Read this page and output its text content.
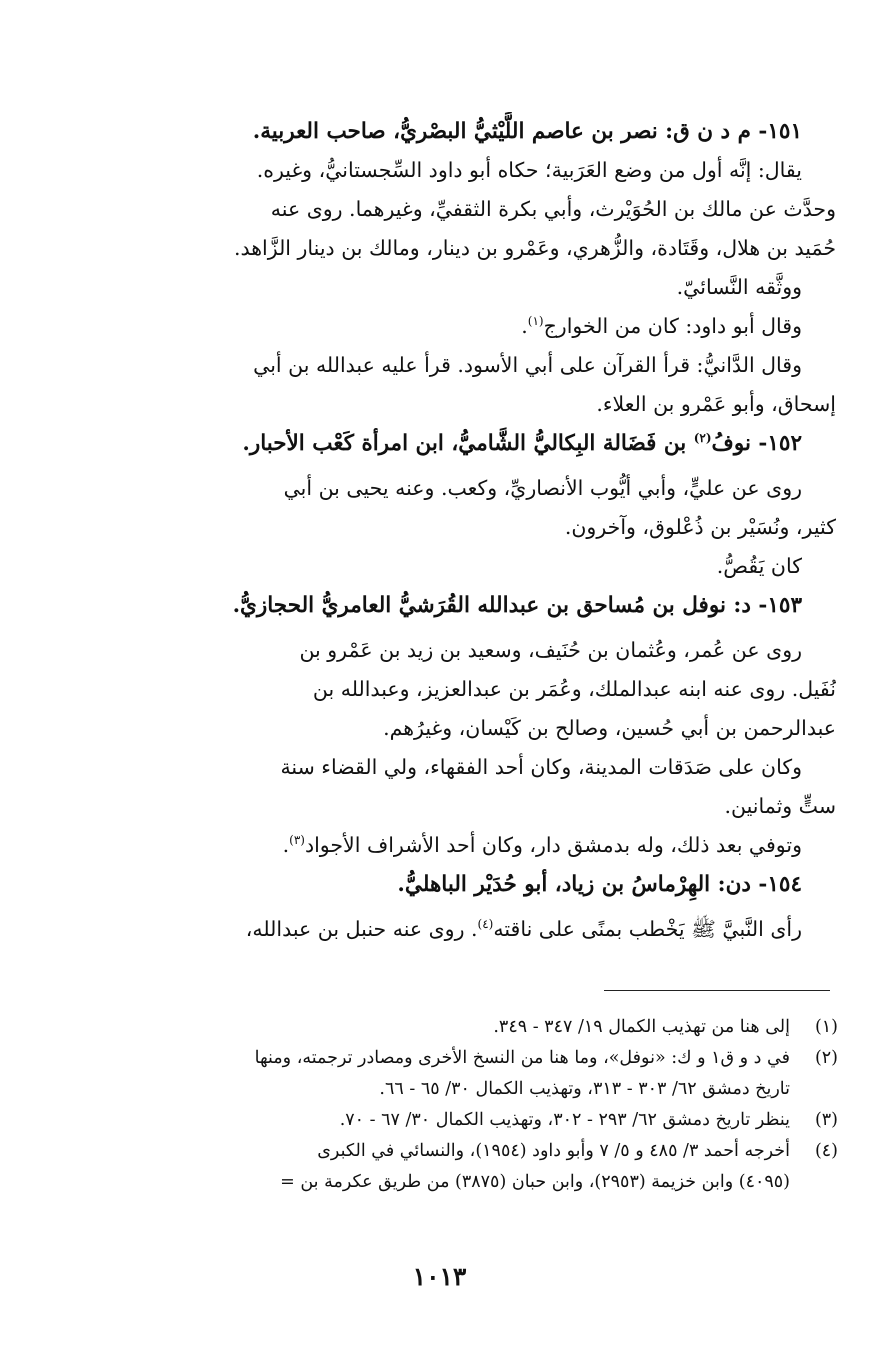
١٥١- م د ن ق: نصر بن عاصم اللَّيْثيُّ البصْريُّ، صاحب العربية.
يقال: إنَّه أول من وضع العَرَبية؛ حكاه أبو داود السِّجستانيُّ، وغيره.
وحدَّث عن مالك بن الحُوَيْرث، وأبي بكرة الثقفيِّ، وغيرهما. روى عنه
حُمَيد بن هلال، وقَتَادة، والزُّهري، وعَمْرو بن دينار، ومالك بن دينار الزَّاهد.
ووثَّقه النَّسائيّ.
وقال أبو داود: كان من الخوارج$^{(١)}$.
وقال الدَّانيُّ: قرأ القرآن على أبي الأسود. قرأ عليه عبدالله بن أبي
إسحاق، وأبو عَمْرو بن العلاء.
١٥٢- نوفُ$^{(٢)}$ بن فَضَالة البِكاليُّ الشَّاميُّ، ابن امرأة كَعْب الأحبار.
روى عن عليٍّ، وأبي أيُّوب الأنصاريِّ، وكعب. وعنه يحيى بن أبي
كثير، ونُسَيْر بن ذُعْلوق، وآخرون.
كان يَقُصُّ.
١٥٣- د: نوفل بن مُساحق بن عبدالله القُرَشيُّ العامريُّ الحجازيُّ.
روى عن عُمر، وعُثمان بن حُنَيف، وسعيد بن زيد بن عَمْرو بن
نُفَيل. روى عنه ابنه عبدالملك، وعُمَر بن عبدالعزيز، وعبدالله بن
عبدالرحمن بن أبي حُسين، وصالح بن كَيْسان، وغيرُهم.
وكان على صَدَقات المدينة، وكان أحد الفقهاء، ولي القضاء سنة
ستٍّ وثمانين.
وتوفي بعد ذلك، وله بدمشق دار، وكان أحد الأشراف الأجواد$^{(٣)}$.
١٥٤- دن: الهِرْماسُ بن زياد، أبو حُدَيْر الباهليُّ.
رأى النَّبيَّ ﷺ يَخْطب بمنًى على ناقته$^{(٤)}$. روى عنه حنبل بن عبدالله،
(١)إلى هنا من تهذيب الكمال ١٩/ ٣٤٧ - ٣٤٩.
(٢)في د و ق١ و ك: «نوفل»، وما هنا من النسخ الأخرى ومصادر ترجمته، ومنها
تاريخ دمشق ٦٢/ ٣٠٣ - ٣١٣، وتهذيب الكمال ٣٠/ ٦٥ - ٦٦.
(٣)ينظر تاريخ دمشق ٦٢/ ٢٩٣ - ٣٠٢، وتهذيب الكمال ٣٠/ ٦٧ - ٧٠.
(٤)أخرجه أحمد ٣/ ٤٨٥ و ٥/ ٧ وأبو داود (١٩٥٤)، والنسائي في الكبرى
(٤٠٩٥) وابن خزيمة (٢٩٥٣)، وابن حبان (٣٨٧٥) من طريق عكرمة بن =
١٠١٣
